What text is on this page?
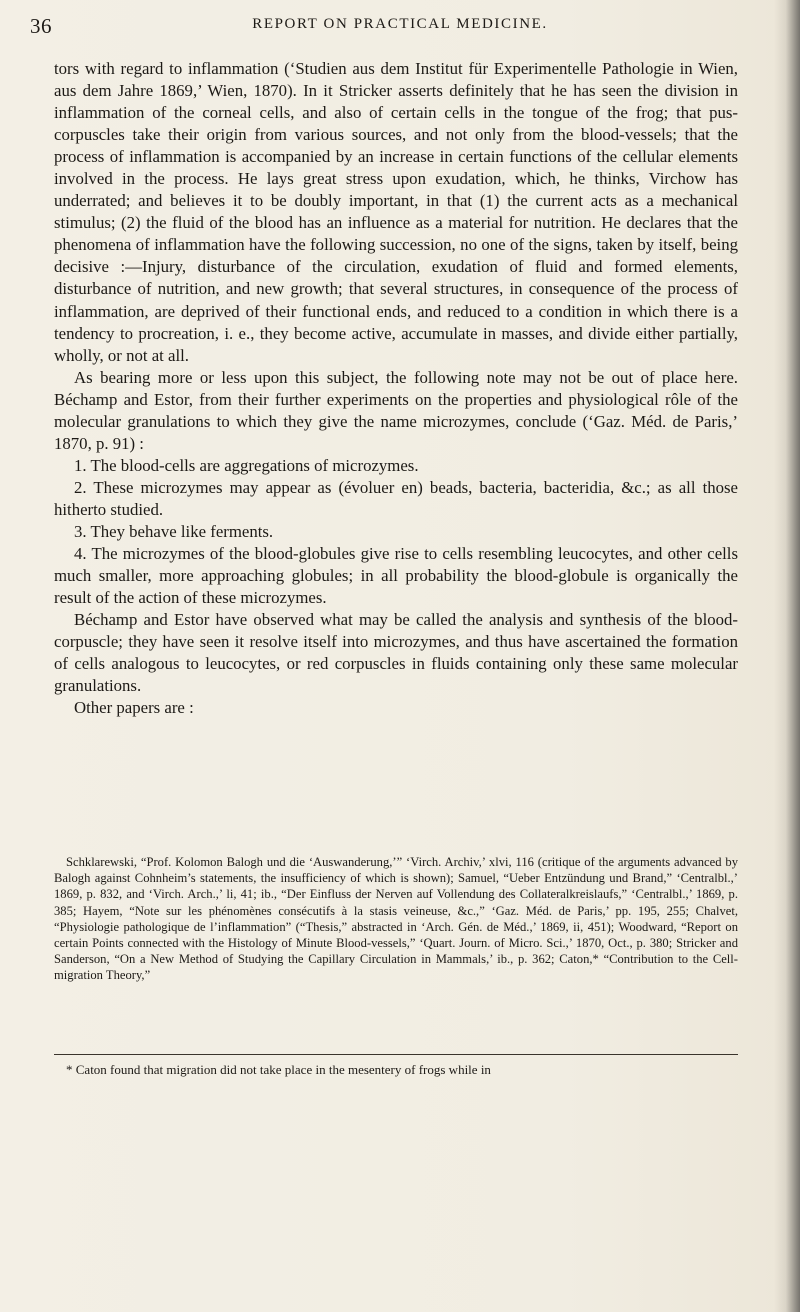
36	REPORT ON PRACTICAL MEDICINE.

tors with regard to inflammation (‘Studien aus dem Institut für Experimentelle Pathologie in Wien, aus dem Jahre 1869,’ Wien, 1870). In it Stricker asserts definitely that he has seen the division in inflammation of the corneal cells, and also of certain cells in the tongue of the frog; that pus-corpuscles take their origin from various sources, and not only from the blood-vessels; that the process of inflammation is accompanied by an increase in certain functions of the cellular elements involved in the process. He lays great stress upon exudation, which, he thinks, Virchow has underrated; and believes it to be doubly important, in that (1) the current acts as a mechanical stimulus; (2) the fluid of the blood has an influence as a material for nutrition. He declares that the phenomena of inflammation have the following succession, no one of the signs, taken by itself, being decisive :—Injury, disturbance of the circulation, exudation of fluid and formed elements, disturbance of nutrition, and new growth; that several structures, in consequence of the process of inflammation, are deprived of their functional ends, and reduced to a condition in which there is a tendency to procreation, i. e., they become active, accumulate in masses, and divide either partially, wholly, or not at all.

As bearing more or less upon this subject, the following note may not be out of place here. Béchamp and Estor, from their further experiments on the properties and physiological rôle of the molecular granulations to which they give the name microzymes, conclude (‘Gaz. Méd. de Paris,’ 1870, p. 91) :

1. The blood-cells are aggregations of microzymes.

2. These microzymes may appear as (évoluer en) beads, bacteria, bacteridia, &c.; as all those hitherto studied.

3. They behave like ferments.

4. The microzymes of the blood-globules give rise to cells resembling leucocytes, and other cells much smaller, more approaching globules; in all probability the blood-globule is organically the result of the action of these microzymes.

Béchamp and Estor have observed what may be called the analysis and synthesis of the blood-corpuscle; they have seen it resolve itself into microzymes, and thus have ascertained the formation of cells analogous to leucocytes, or red corpuscles in fluids containing only these same molecular granulations.

Other papers are :

Schklarewski, “Prof. Kolomon Balogh und die ‘Auswanderung,’” ‘Virch. Archiv,’ xlvi, 116 (critique of the arguments advanced by Balogh against Cohnheim’s statements, the insufficiency of which is shown); Samuel, “Ueber Entzündung und Brand,” ‘Centralbl.,’ 1869, p. 832, and ‘Virch. Arch.,’ li, 41; ib., “Der Einfluss der Nerven auf Vollendung des Collateralkreislaufs,” ‘Centralbl.,’ 1869, p. 385; Hayem, “Note sur les phénomènes consécutifs à la stasis veineuse, &c.,” ‘Gaz. Méd. de Paris,’ pp. 195, 255; Chalvet, “Physiologie pathologique de l’inflammation” (“Thesis,” abstracted in ‘Arch. Gén. de Méd.,’ 1869, ii, 451); Woodward, “Report on certain Points connected with the Histology of Minute Blood-vessels,” ‘Quart. Journ. of Micro. Sci.,’ 1870, Oct., p. 380; Stricker and Sanderson, “On a New Method of Studying the Capillary Circulation in Mammals,’ ib., p. 362; Caton,* “Contribution to the Cell-migration Theory,”

* Caton found that migration did not take place in the mesentery of frogs while in
